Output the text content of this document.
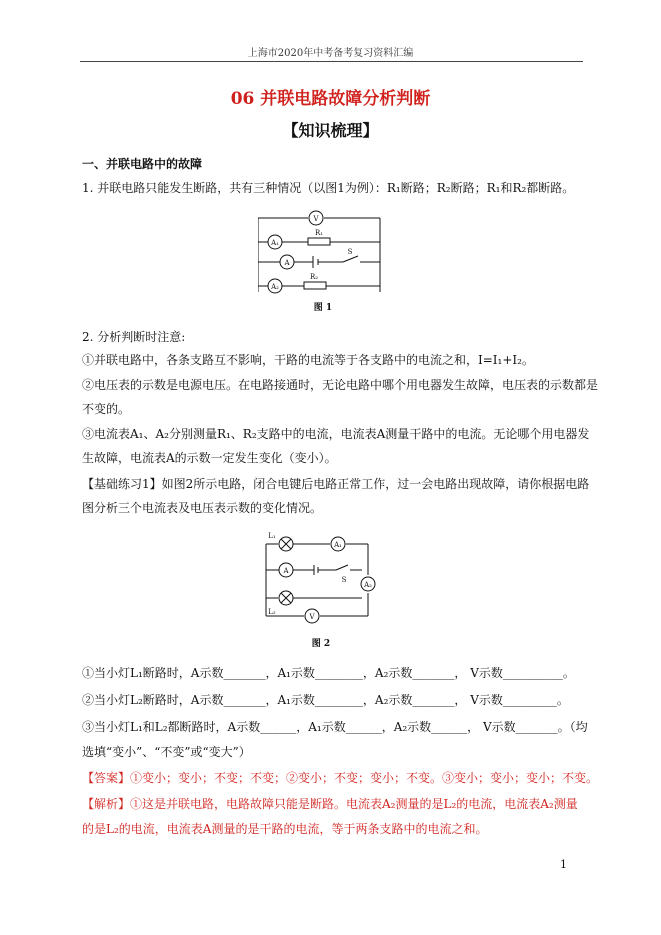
上海市2020年中考备考复习资料汇编
06 并联电路故障分析判断
【知识梳理】
一、并联电路中的故障
1. 并联电路只能发生断路，共有三种情况（以图1为例）：R₁断路；R₂断路；R₁和R₂都断路。
V
A₁
R₁
A
S
R₂
A₂
图 1
2. 分析判断时注意:
①并联电路中，各条支路互不影响，干路的电流等于各支路中的电流之和，I=I₁+I₂。
②电压表的示数是电源电压。在电路接通时，无论电路中哪个用电器发生故障，电压表的示数都是
不变的。
③电流表A₁、A₂分别测量R₁、R₂支路中的电流，电流表A测量干路中的电流。无论哪个用电器发
生故障，电流表A的示数一定发生变化（变小）。
【基础练习1】如图2所示电路，闭合电键后电路正常工作，过一会电路出现故障，请你根据电路
图分析三个电流表及电压表示数的变化情况。
L₁
A₁
A
S
A₂
L₂
V
图 2
①当小灯L₁断路时，A示数_______，A₁示数________，A₂示数_______， V示数__________。
②当小灯L₂断路时，A示数_______，A₁示数________，A₂示数_______， V示数_________。
③当小灯L₁和L₂都断路时，A示数______，A₁示数______，A₂示数______， V示数_______。（均
选填“变小”、“不变”或“变大”）
【答案】①变小；变小；不变；不变；②变小；不变；变小；不变。③变小；变小；变小；不变。
【解析】①这是并联电路，电路故障只能是断路。电流表A₂测量的是L₂的电流，电流表A₂测量
的是L₂的电流，电流表A测量的是干路的电流，等于两条支路中的电流之和。
1
